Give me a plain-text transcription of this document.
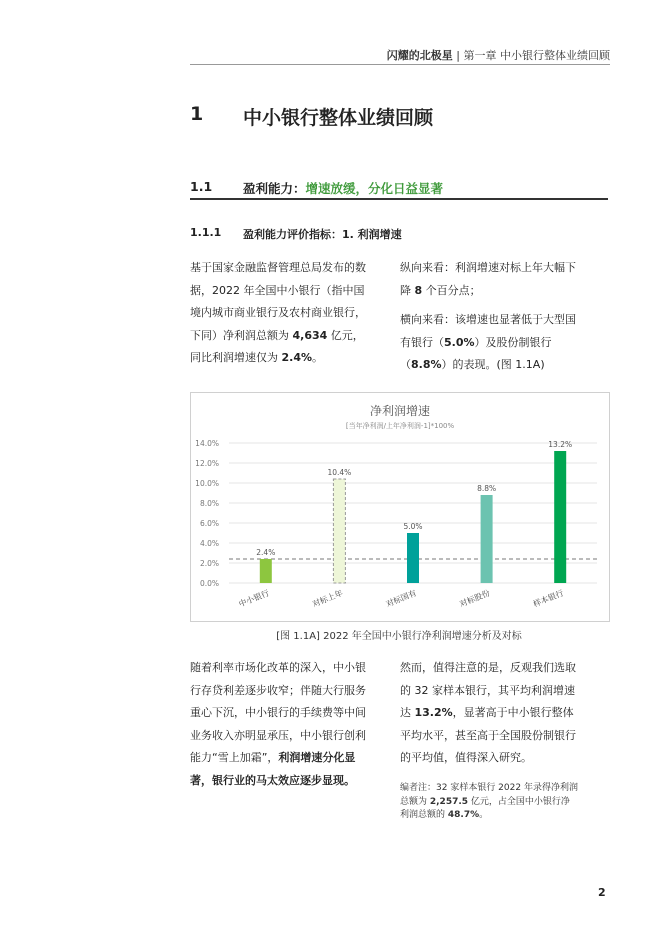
闪耀的北极星 | 第一章 中小银行整体业绩回顾
1 中小银行整体业绩回顾
1.1 盈利能力：增速放缓，分化日益显著
1.1.1 盈利能力评价指标：1. 利润增速
基于国家金融监督管理总局发布的数据，2022 年全国中小银行（指中国境内城市商业银行及农村商业银行，下同）净利润总额为 4,634 亿元，同比利润增速仅为 2.4%。
纵向来看：利润增速对标上年大幅下降 8 个百分点；
横向来看：该增速也显著低于大型国有银行（5.0%）及股份制银行（8.8%）的表现。(图 1.1A)
净利润增速
[当年净利润/上年净利润-1]*100%
0.0%
2.0%
4.0%
6.0%
8.0%
10.0%
12.0%
14.0%
2.4%
中小银行
10.4%
对标上年
5.0%
对标国有
8.8%
对标股份
13.2%
样本银行
[图 1.1A] 2022 年全国中小银行净利润增速分析及对标
随着利率市场化改革的深入，中小银行存贷利差逐步收窄；伴随大行服务重心下沉，中小银行的手续费等中间业务收入亦明显承压，中小银行创利能力“雪上加霜”，利润增速分化显著，银行业的马太效应逐步显现。
然而，值得注意的是，反观我们选取的 32 家样本银行，其平均利润增速达 13.2%，显著高于中小银行整体平均水平，甚至高于全国股份制银行的平均值，值得深入研究。
编者注：32 家样本银行 2022 年录得净利润总额为 2,257.5 亿元，占全国中小银行净利润总额的 48.7%。
2
